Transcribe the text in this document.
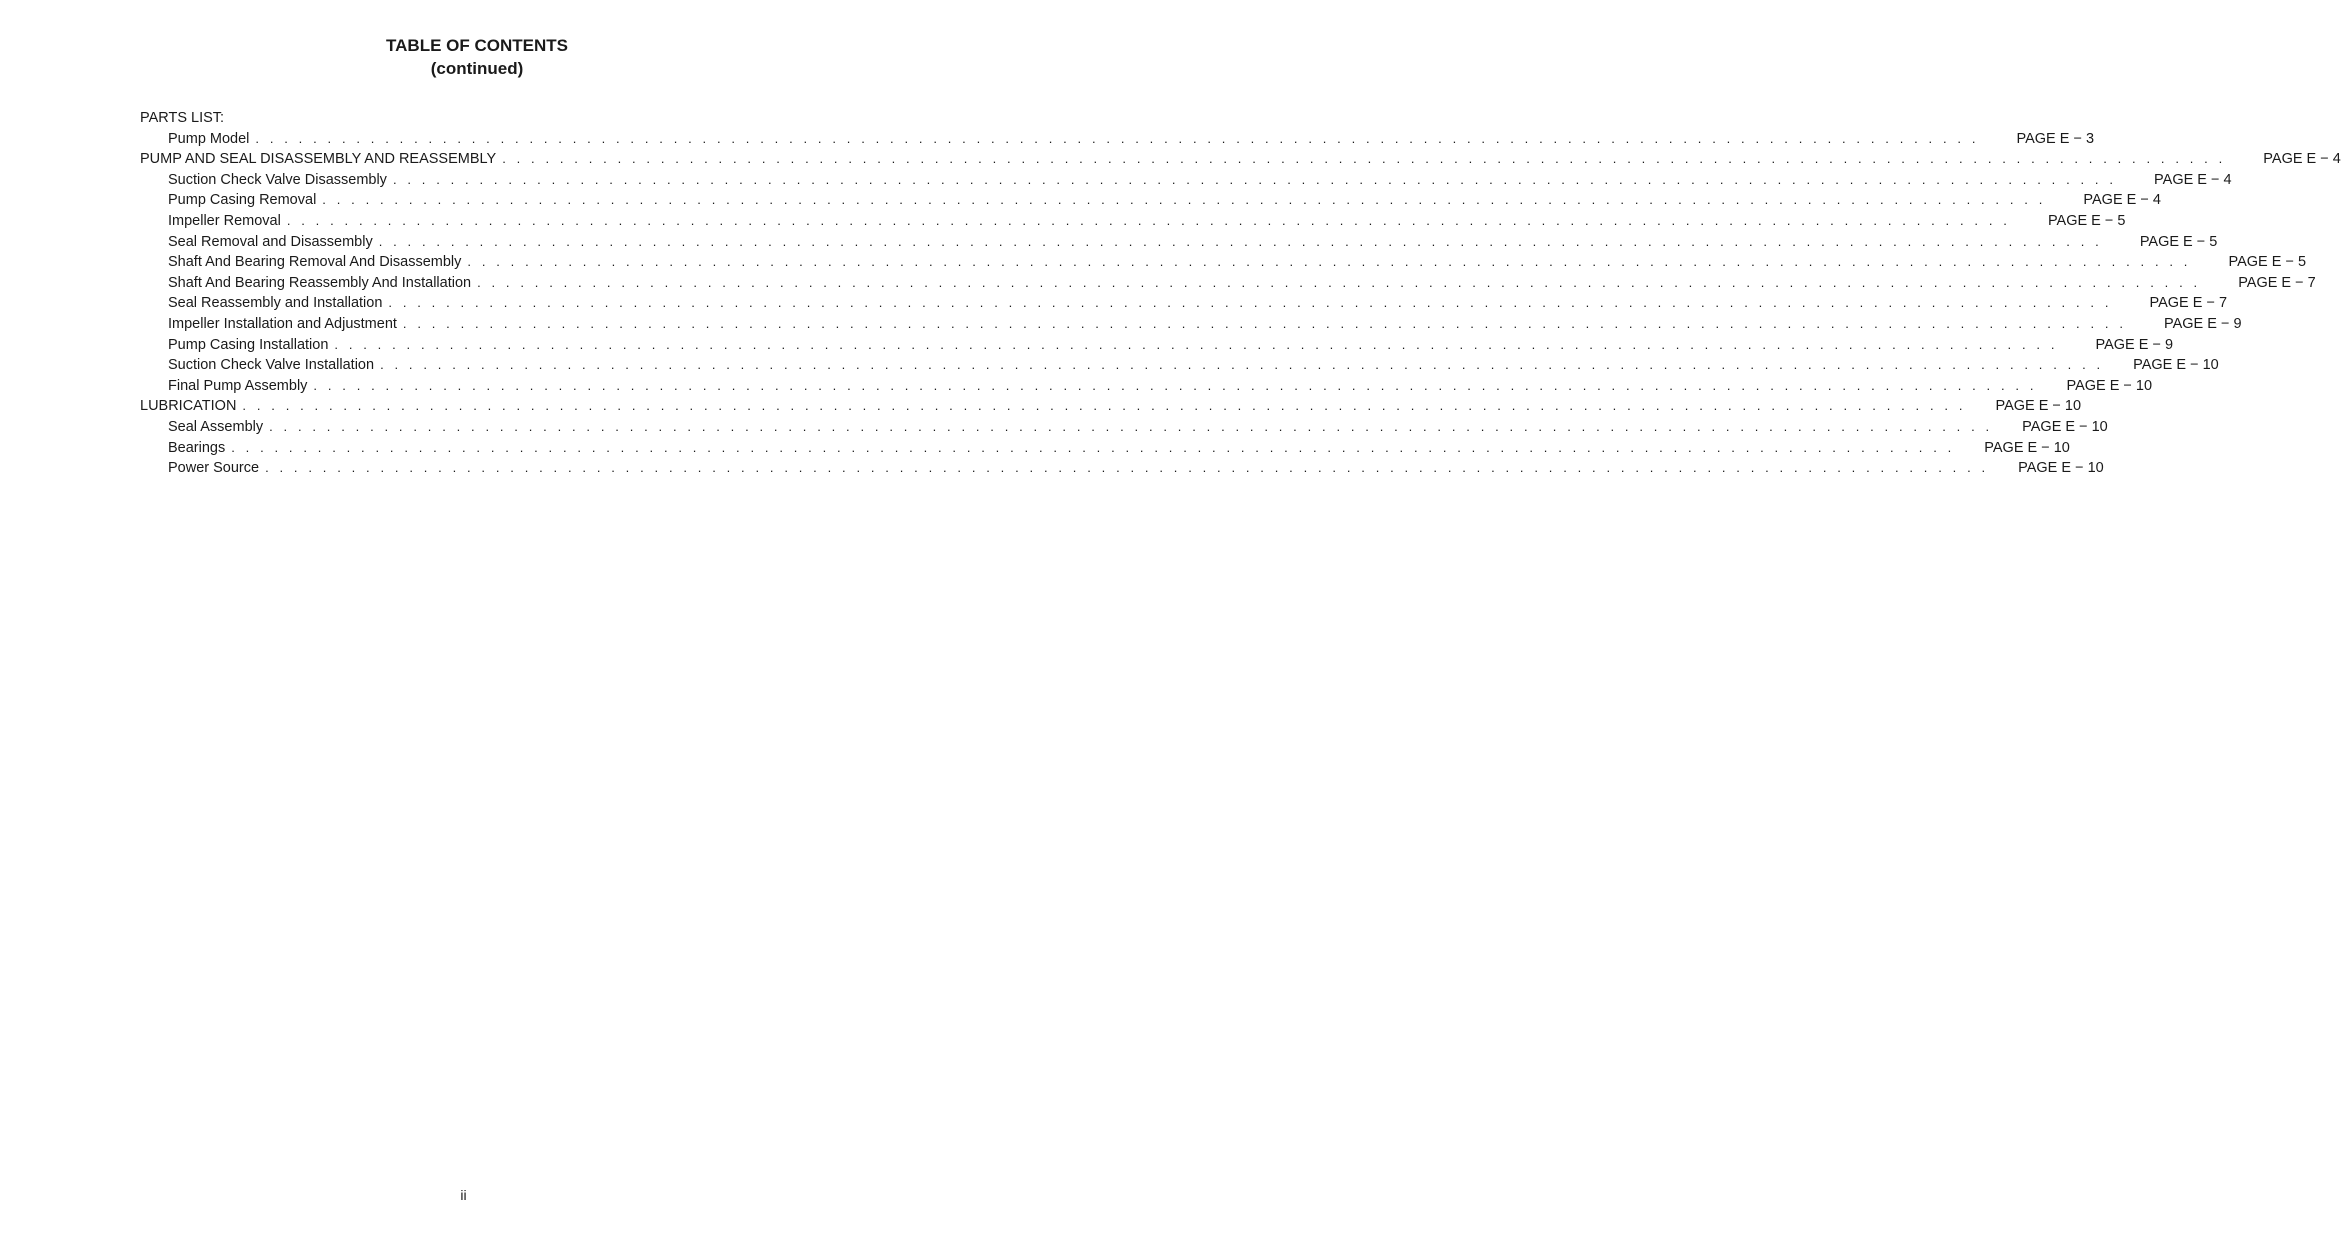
TABLE OF CONTENTS
(continued)
PARTS LIST:
Pump Model . . . . . . . . . . . . . . . . . . . . . . . . . . . . . . . . . . . . . . . . . . . . . . . . . . . . . . . . . . . . . . . . . . . . . . . . . . . . . . . . . . . . . . . . . . . . . . . . . . . . . . . . . . . . . . . . . . . . . . . .	PAGE E − 3
PUMP AND SEAL DISASSEMBLY AND REASSEMBLY . . . . . . . . . . . . . . . . . . . . . . . . . . . . . . . . . . . . . . . . . . . . . . . . . . . . . . . . . . . . . . . . . . . . . . . . . . . . . . . . . . . . . . . . . . . . . . . . . . . . . . . . . . . . . . . . . . . . . . . .	PAGE E − 4
Suction Check Valve Disassembly . . . . . . . . . . . . . . . . . . . . . . . . . . . . . . . . . . . . . . . . . . . . . . . . . . . . . . . . . . . . . . . . . . . . . . . . . . . . . . . . . . . . . . . . . . . . . . . . . . . . . . . . . . . . . . . . . . . . . . . .	PAGE E − 4
Pump Casing Removal . . . . . . . . . . . . . . . . . . . . . . . . . . . . . . . . . . . . . . . . . . . . . . . . . . . . . . . . . . . . . . . . . . . . . . . . . . . . . . . . . . . . . . . . . . . . . . . . . . . . . . . . . . . . . . . . . . . . . . . .	PAGE E − 4
Impeller Removal . . . . . . . . . . . . . . . . . . . . . . . . . . . . . . . . . . . . . . . . . . . . . . . . . . . . . . . . . . . . . . . . . . . . . . . . . . . . . . . . . . . . . . . . . . . . . . . . . . . . . . . . . . . . . . . . . . . . . . . .	PAGE E − 5
Seal Removal and Disassembly . . . . . . . . . . . . . . . . . . . . . . . . . . . . . . . . . . . . . . . . . . . . . . . . . . . . . . . . . . . . . . . . . . . . . . . . . . . . . . . . . . . . . . . . . . . . . . . . . . . . . . . . . . . . . . . . . . . . . . . .	PAGE E − 5
Shaft And Bearing Removal And Disassembly . . . . . . . . . . . . . . . . . . . . . . . . . . . . . . . . . . . . . . . . . . . . . . . . . . . . . . . . . . . . . . . . . . . . . . . . . . . . . . . . . . . . . . . . . . . . . . . . . . . . . . . . . . . . . . . . . . . . . . . .	PAGE E − 5
Shaft And Bearing Reassembly And Installation . . . . . . . . . . . . . . . . . . . . . . . . . . . . . . . . . . . . . . . . . . . . . . . . . . . . . . . . . . . . . . . . . . . . . . . . . . . . . . . . . . . . . . . . . . . . . . . . . . . . . . . . . . . . . . . . . . . . . . . .	PAGE E − 7
Seal Reassembly and Installation . . . . . . . . . . . . . . . . . . . . . . . . . . . . . . . . . . . . . . . . . . . . . . . . . . . . . . . . . . . . . . . . . . . . . . . . . . . . . . . . . . . . . . . . . . . . . . . . . . . . . . . . . . . . . . . . . . . . . . . .	PAGE E − 7
Impeller Installation and Adjustment . . . . . . . . . . . . . . . . . . . . . . . . . . . . . . . . . . . . . . . . . . . . . . . . . . . . . . . . . . . . . . . . . . . . . . . . . . . . . . . . . . . . . . . . . . . . . . . . . . . . . . . . . . . . . . . . . . . . . . . .	PAGE E − 9
Pump Casing Installation . . . . . . . . . . . . . . . . . . . . . . . . . . . . . . . . . . . . . . . . . . . . . . . . . . . . . . . . . . . . . . . . . . . . . . . . . . . . . . . . . . . . . . . . . . . . . . . . . . . . . . . . . . . . . . . . . . . . . . . .	PAGE E − 9
Suction Check Valve Installation . . . . . . . . . . . . . . . . . . . . . . . . . . . . . . . . . . . . . . . . . . . . . . . . . . . . . . . . . . . . . . . . . . . . . . . . . . . . . . . . . . . . . . . . . . . . . . . . . . . . . . . . . . . . . . . . . . . . . . . .	PAGE E − 10
Final Pump Assembly . . . . . . . . . . . . . . . . . . . . . . . . . . . . . . . . . . . . . . . . . . . . . . . . . . . . . . . . . . . . . . . . . . . . . . . . . . . . . . . . . . . . . . . . . . . . . . . . . . . . . . . . . . . . . . . . . . . . . . . .	PAGE E − 10
LUBRICATION . . . . . . . . . . . . . . . . . . . . . . . . . . . . . . . . . . . . . . . . . . . . . . . . . . . . . . . . . . . . . . . . . . . . . . . . . . . . . . . . . . . . . . . . . . . . . . . . . . . . . . . . . . . . . . . . . . . . . . . .	PAGE E − 10
Seal Assembly . . . . . . . . . . . . . . . . . . . . . . . . . . . . . . . . . . . . . . . . . . . . . . . . . . . . . . . . . . . . . . . . . . . . . . . . . . . . . . . . . . . . . . . . . . . . . . . . . . . . . . . . . . . . . . . . . . . . . . . .	PAGE E − 10
Bearings . . . . . . . . . . . . . . . . . . . . . . . . . . . . . . . . . . . . . . . . . . . . . . . . . . . . . . . . . . . . . . . . . . . . . . . . . . . . . . . . . . . . . . . . . . . . . . . . . . . . . . . . . . . . . . . . . . . . . . . .	PAGE E − 10
Power Source . . . . . . . . . . . . . . . . . . . . . . . . . . . . . . . . . . . . . . . . . . . . . . . . . . . . . . . . . . . . . . . . . . . . . . . . . . . . . . . . . . . . . . . . . . . . . . . . . . . . . . . . . . . . . . . . . . . . . . . .	PAGE E − 10
ii
